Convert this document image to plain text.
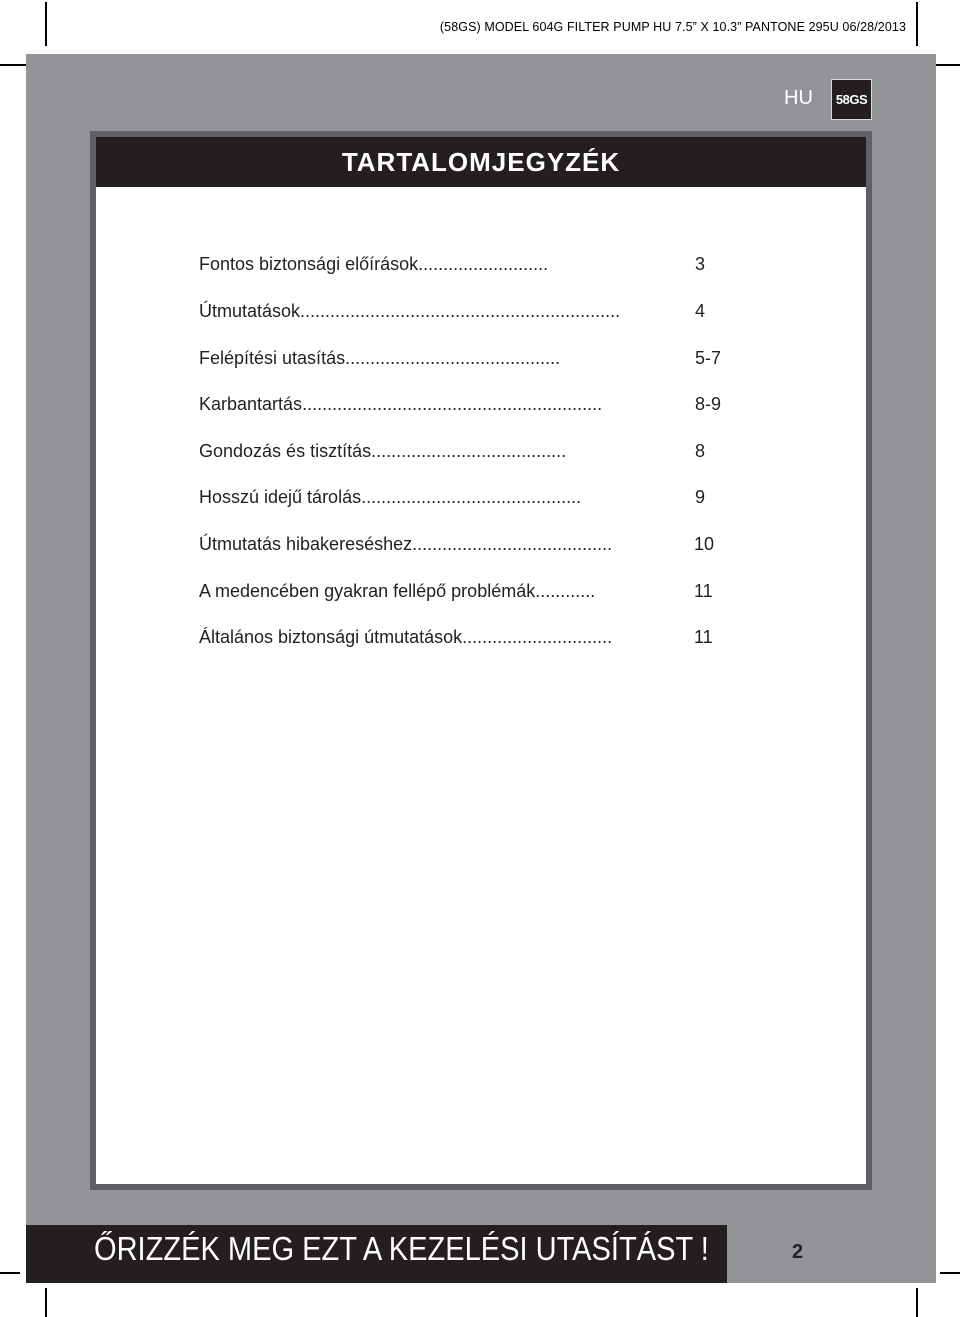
(58GS) MODEL 604G FILTER PUMP HU 7.5” X 10.3” PANTONE 295U 06/28/2013
HU	58GS
TARTALOMJEGYZÉK
Fontos biztonsági előírások..........................	3
Útmutatások................................................................	4
Felépítési utasítás...........................................	5-7
Karbantartás............................................................	8-9
Gondozás és tisztítás.......................................	8
Hosszú idejű tárolás............................................	9
Útmutatás hibakereséshez........................................	10
A medencében gyakran fellépő problémák............	11
Általános biztonsági útmutatások..............................	11
ŐRIZZÉK MEG EZT A KEZELÉSI UTASÍTÁST !	2
